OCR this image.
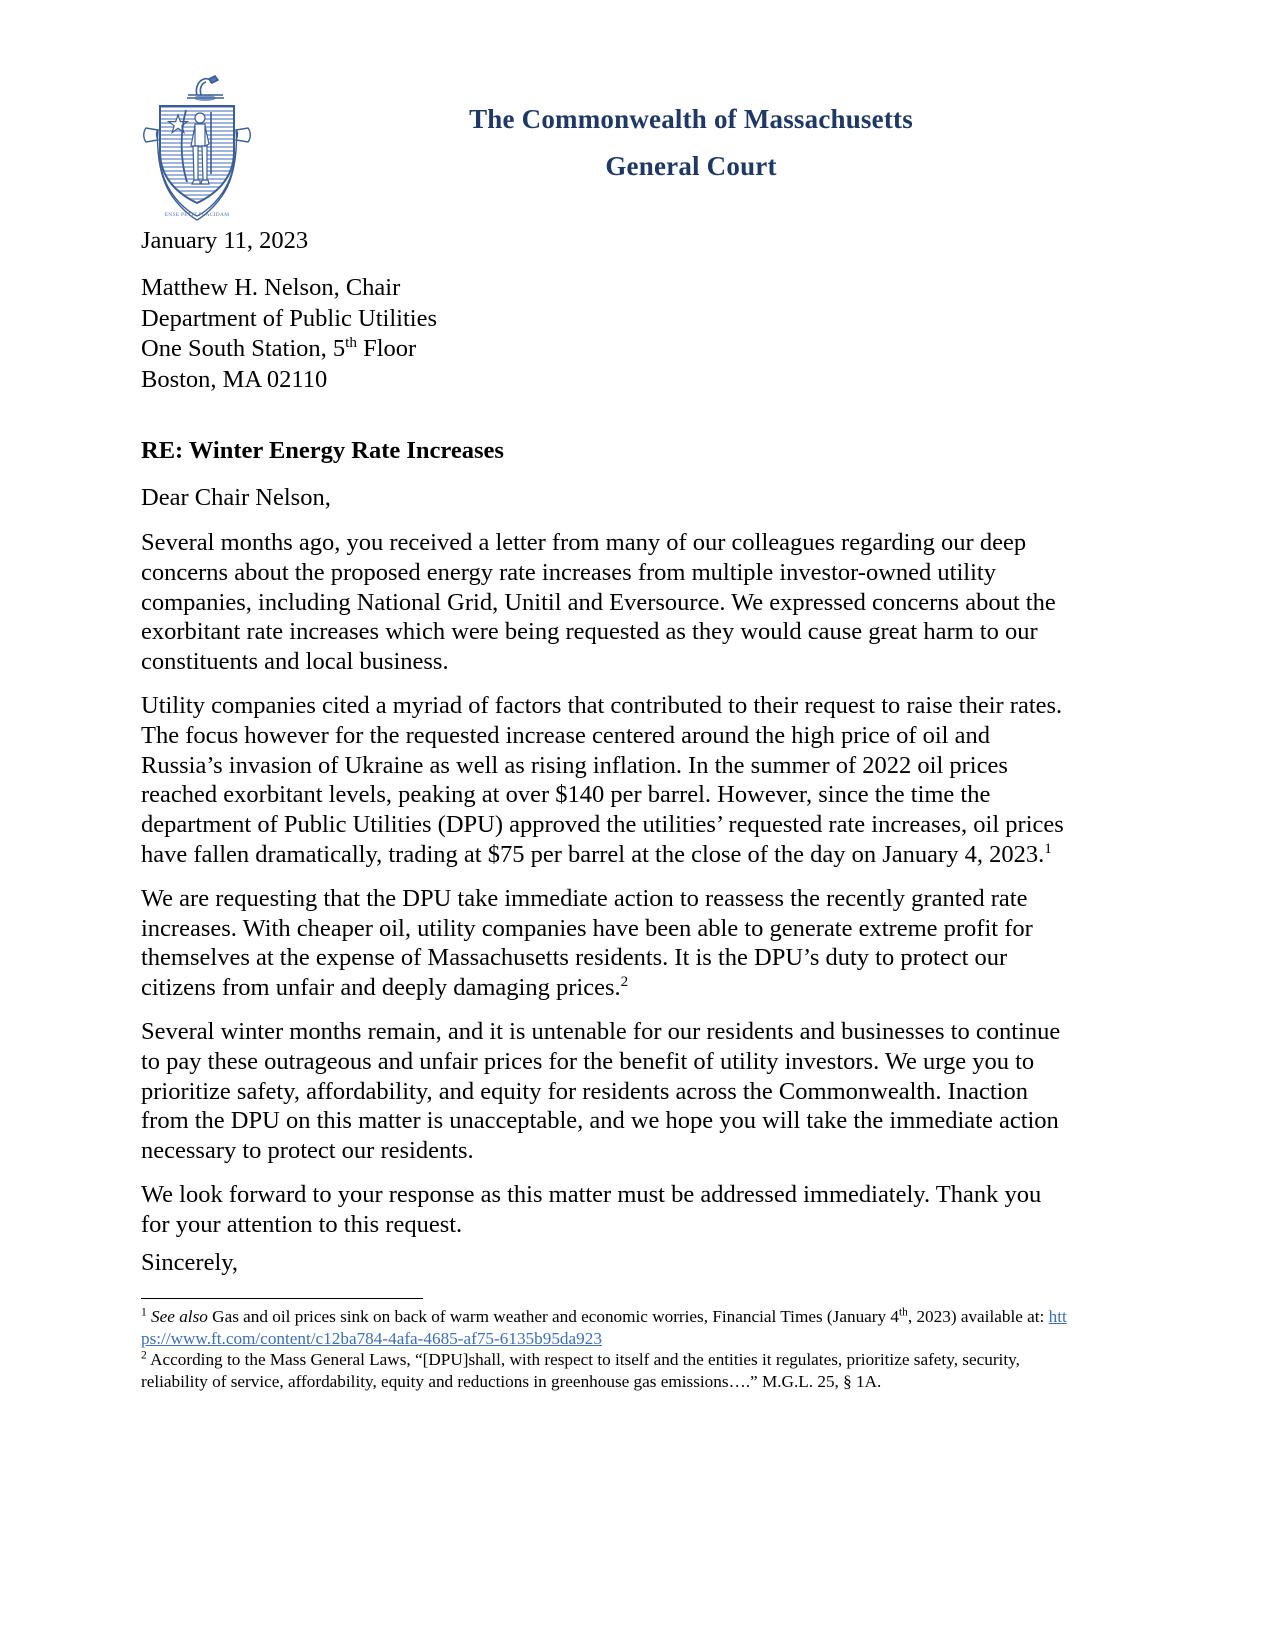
ENSE PETIT PLACIDAM
The Commonwealth of Massachusetts
General Court
January 11, 2023
Matthew H. Nelson, Chair
Department of Public Utilities
One South Station, 5th Floor
Boston, MA 02110
RE: Winter Energy Rate Increases
Dear Chair Nelson,

Several months ago, you received a letter from many of our colleagues regarding our deep concerns about the proposed energy rate increases from multiple investor-owned utility companies, including National Grid, Unitil and Eversource. We expressed concerns about the exorbitant rate increases which were being requested as they would cause great harm to our constituents and local business.

Utility companies cited a myriad of factors that contributed to their request to raise their rates. The focus however for the requested increase centered around the high price of oil and Russia’s invasion of Ukraine as well as rising inflation. In the summer of 2022 oil prices reached exorbitant levels, peaking at over $140 per barrel. However, since the time the department of Public Utilities (DPU) approved the utilities’ requested rate increases, oil prices have fallen dramatically, trading at $75 per barrel at the close of the day on January 4, 2023.$^1$

We are requesting that the DPU take immediate action to reassess the recently granted rate increases. With cheaper oil, utility companies have been able to generate extreme profit for themselves at the expense of Massachusetts residents. It is the DPU’s duty to protect our citizens from unfair and deeply damaging prices.$^2$

Several winter months remain, and it is untenable for our residents and businesses to continue to pay these outrageous and unfair prices for the benefit of utility investors. We urge you to prioritize safety, affordability, and equity for residents across the Commonwealth. Inaction from the DPU on this matter is unacceptable, and we hope you will take the immediate action necessary to protect our residents.

We look forward to your response as this matter must be addressed immediately. Thank you for your attention to this request.

Sincerely,

$^1$ See also Gas and oil prices sink on back of warm weather and economic worries, Financial Times (January 4th, 2023) available at: https://www.ft.com/content/c12ba784-4afa-4685-af75-6135b95da923

$^2$ According to the Mass General Laws, “[DPU]shall, with respect to itself and the entities it regulates, prioritize safety, security, reliability of service, affordability, equity and reductions in greenhouse gas emissions….” M.G.L. 25, § 1A.
